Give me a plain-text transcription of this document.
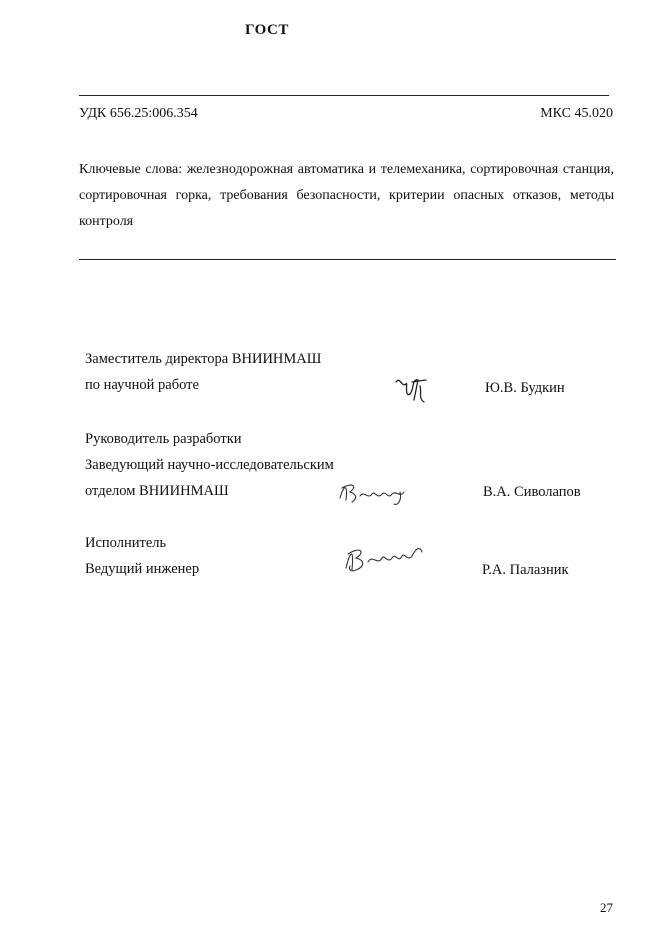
ГОСТ
УДК 656.25:006.354	МКС 45.020
Ключевые слова: железнодорожная автоматика и телемеханика, сортировочная станция, сортировочная горка, требования безопасности, критерии опасных отказов, методы контроля
Заместитель директора ВНИИНМАШ
по научной работе	Ю.В. Будкин
Руководитель разработки
Заведующий научно-исследовательским
отделом ВНИИНМАШ	В.А. Сиволапов
Исполнитель
Ведущий инженер	Р.А. Палазник
27
